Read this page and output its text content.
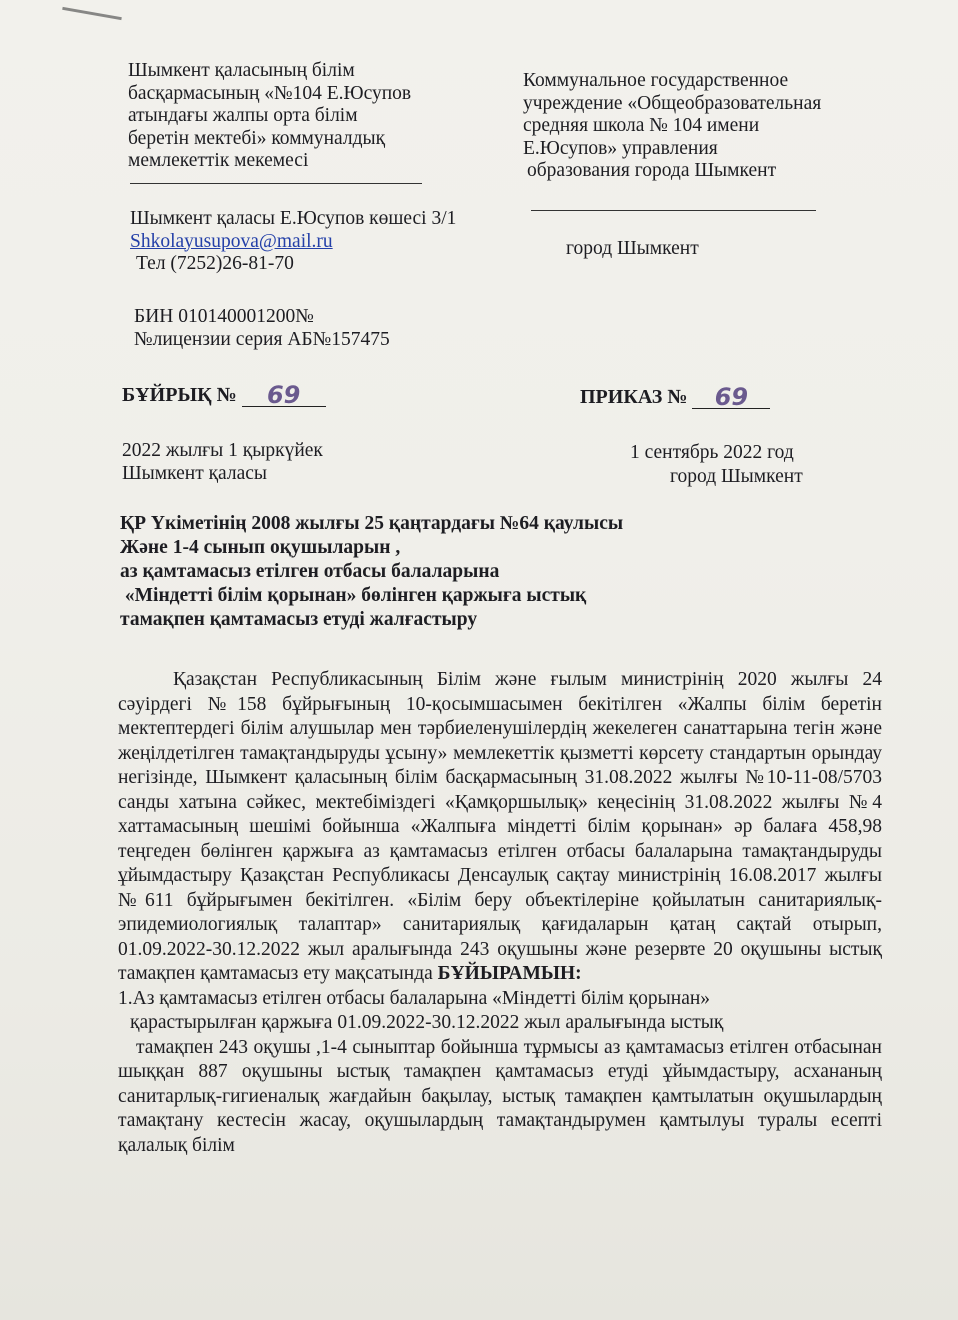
Шымкент қаласының білім
басқармасының «№104 Е.Юсупов
атындағы жалпы орта білім
беретін мектебі» коммуналдық
мемлекеттік мекемесі
Шымкент қаласы Е.Юсупов көшесі 3/1
Shkolayusupova@mail.ru
Тел (7252)26-81-70
БИН 010140001200№
№лицензии серия АБ№157475
Коммунальное государственное
учреждение «Общеобразовательная
средняя школа № 104 имени
Е.Юсупов» управления
образования города Шымкент
город Шымкент
БҰЙРЫҚ № 69	ПРИКАЗ № 69
2022 жылғы 1 қыркүйек
Шымкент қаласы
1 сентябрь 2022 год
город Шымкент
ҚР Үкіметінің 2008 жылғы 25 қаңтардағы №64 қаулысы
Және 1-4 сынып оқушыларын ,
аз қамтамасыз етілген отбасы балаларына
«Міндетті білім қорынан» бөлінген қаржыға ыстық
тамақпен қамтамасыз етуді жалғастыру

Қазақстан Республикасының Білім және ғылым министрінің 2020 жылғы 24 сәуірдегі №158 бұйрығының 10-қосымшасымен бекітілген «Жалпы білім беретін мектептердегі білім алушылар мен тәрбиеленушілердің жекелеген санаттарына тегін және жеңілдетілген тамақтандыруды ұсыну» мемлекеттік қызметті көрсету стандартын орындау негізінде, Шымкент қаласының білім басқармасының 31.08.2022 жылғы №10-11-08/5703 санды хатына сәйкес, мектебіміздегі «Қамқоршылық» кеңесінің 31.08.2022 жылғы №4 хаттамасының шешімі бойынша «Жалпыға міндетті білім қорынан» әр балаға 458,98 теңгеден бөлінген қаржыға аз қамтамасыз етілген отбасы балаларына тамақтандыруды ұйымдастыру Қазақстан Республикасы Денсаулық сақтау министрінің 16.08.2017 жылғы №611 бұйрығымен бекітілген. «Білім беру объектілеріне қойылатын санитариялық-эпидемиологиялық талаптар» санитариялық қағидаларын қатаң сақтай отырып, 01.09.2022-30.12.2022 жыл аралығында 243 оқушыны және резервте 20 оқушыны ыстық тамақпен қамтамасыз ету мақсатында БҰЙЫРАМЫН:

1.Аз қамтамасыз етілген отбасы балаларына «Міндетті білім қорынан»

қарастырылған қаржыға 01.09.2022-30.12.2022 жыл аралығында ыстық

тамақпен 243 оқушы ,1-4 сыныптар бойынша тұрмысы аз қамтамасыз етілген отбасынан шыққан 887 оқушыны ыстық тамақпен қамтамасыз етуді ұйымдастыру, асхананың санитарлық-гигиеналық жағдайын бақылау, ыстық тамақпен қамтылатын оқушылардың тамақтану кестесін жасау, оқушылардың тамақтандырумен қамтылуы туралы есепті қалалық білім
